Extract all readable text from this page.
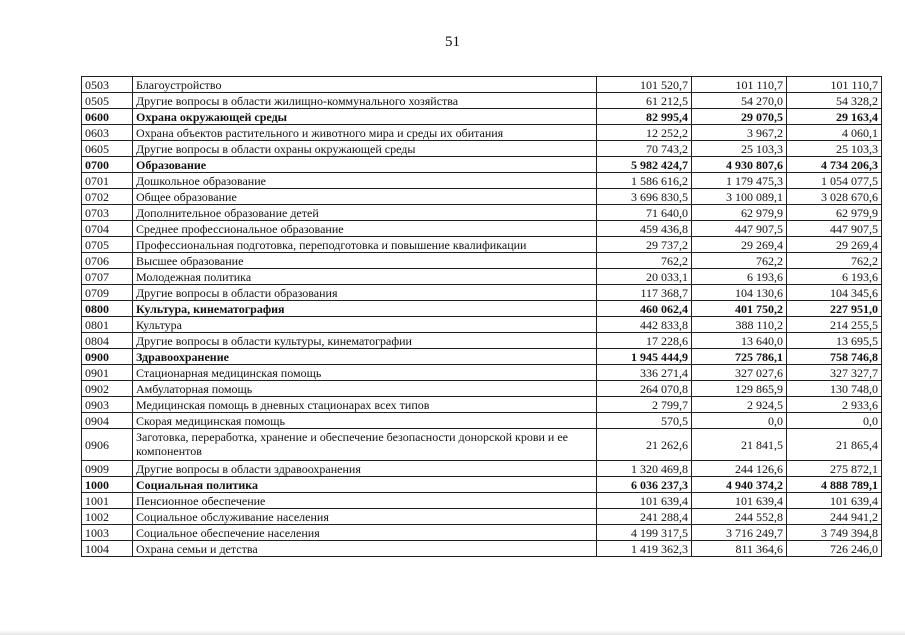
51
0503	Благоустройство	101 520,7	101 110,7	101 110,7
0505	Другие вопросы в области жилищно-коммунального хозяйства	61 212,5	54 270,0	54 328,2
0600	Охрана окружающей среды	82 995,4	29 070,5	29 163,4
0603	Охрана объектов растительного и животного мира и среды их обитания	12 252,2	3 967,2	4 060,1
0605	Другие вопросы в области охраны окружающей среды	70 743,2	25 103,3	25 103,3
0700	Образование	5 982 424,7	4 930 807,6	4 734 206,3
0701	Дошкольное образование	1 586 616,2	1 179 475,3	1 054 077,5
0702	Общее образование	3 696 830,5	3 100 089,1	3 028 670,6
0703	Дополнительное образование детей	71 640,0	62 979,9	62 979,9
0704	Среднее профессиональное образование	459 436,8	447 907,5	447 907,5
0705	Профессиональная подготовка, переподготовка и повышение квалификации	29 737,2	29 269,4	29 269,4
0706	Высшее образование	762,2	762,2	762,2
0707	Молодежная политика	20 033,1	6 193,6	6 193,6
0709	Другие вопросы в области образования	117 368,7	104 130,6	104 345,6
0800	Культура, кинематография	460 062,4	401 750,2	227 951,0
0801	Культура	442 833,8	388 110,2	214 255,5
0804	Другие вопросы в области культуры, кинематографии	17 228,6	13 640,0	13 695,5
0900	Здравоохранение	1 945 444,9	725 786,1	758 746,8
0901	Стационарная медицинская помощь	336 271,4	327 027,6	327 327,7
0902	Амбулаторная помощь	264 070,8	129 865,9	130 748,0
0903	Медицинская помощь в дневных стационарах всех типов	2 799,7	2 924,5	2 933,6
0904	Скорая медицинская помощь	570,5	0,0	0,0
0906	Заготовка, переработка, хранение и обеспечение безопасности донорской крови и ее компонентов	21 262,6	21 841,5	21 865,4
0909	Другие вопросы в области здравоохранения	1 320 469,8	244 126,6	275 872,1
1000	Социальная политика	6 036 237,3	4 940 374,2	4 888 789,1
1001	Пенсионное обеспечение	101 639,4	101 639,4	101 639,4
1002	Социальное обслуживание населения	241 288,4	244 552,8	244 941,2
1003	Социальное обеспечение населения	4 199 317,5	3 716 249,7	3 749 394,8
1004	Охрана семьи и детства	1 419 362,3	811 364,6	726 246,0
